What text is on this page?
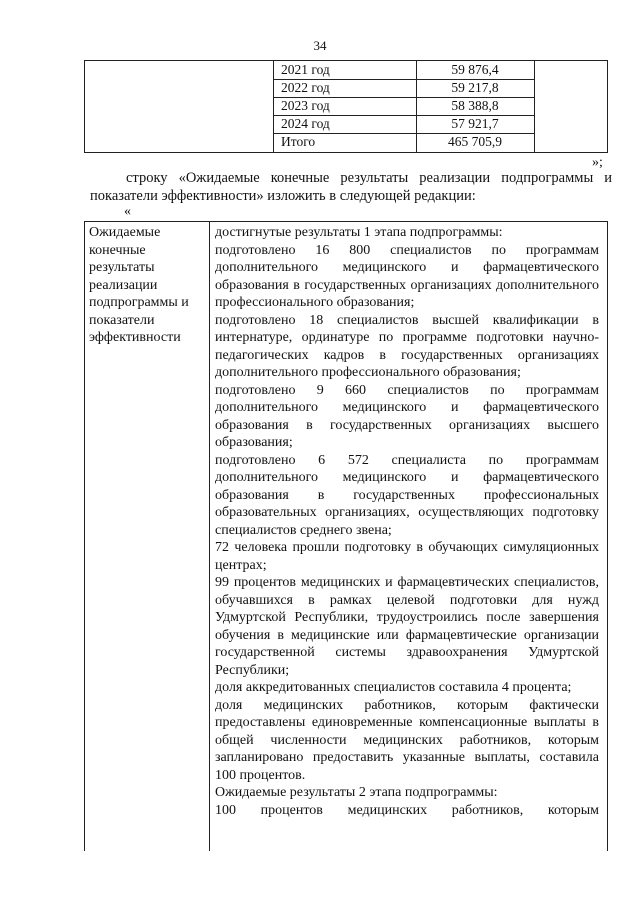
34
2021 год	59 876,4
2022 год	59 217,8
2023 год	58 388,8
2024 год	57 921,7
Итого	465 705,9
»;
строку «Ожидаемые конечные результаты реализации подпрограммы и показатели эффективности» изложить в следующей редакции:
«
Ожидаемые конечные результаты реализации подпрограммы и показатели эффективности

достигнутые результаты 1 этапа подпрограммы:

подготовлено 16 800 специалистов по программам дополнительного медицинского и фармацевтического образования в государственных организациях дополнительного профессионального образования;

подготовлено 18 специалистов высшей квалификации в интернатуре, ординатуре по программе подготовки научно-педагогических кадров в государственных организациях дополнительного профессионального образования;

подготовлено 9 660 специалистов по программам дополнительного медицинского и фармацевтического образования в государственных организациях высшего образования;

подготовлено 6 572 специалиста по программам дополнительного медицинского и фармацевтического образования в государственных профессиональных образовательных организациях, осуществляющих подготовку специалистов среднего звена;

72 человека прошли подготовку в обучающих симуляционных центрах;

99 процентов медицинских и фармацевтических специалистов, обучавшихся в рамках целевой подготовки для нужд Удмуртской Республики, трудоустроились после завершения обучения в медицинские или фармацевтические организации государственной системы здравоохранения Удмуртской Республики;

доля аккредитованных специалистов составила 4 процента;

доля медицинских работников, которым фактически предоставлены единовременные компенсационные выплаты в общей численности медицинских работников, которым запланировано предоставить указанные выплаты, составила 100 процентов.

Ожидаемые результаты 2 этапа подпрограммы:

100 процентов медицинских работников, которым
